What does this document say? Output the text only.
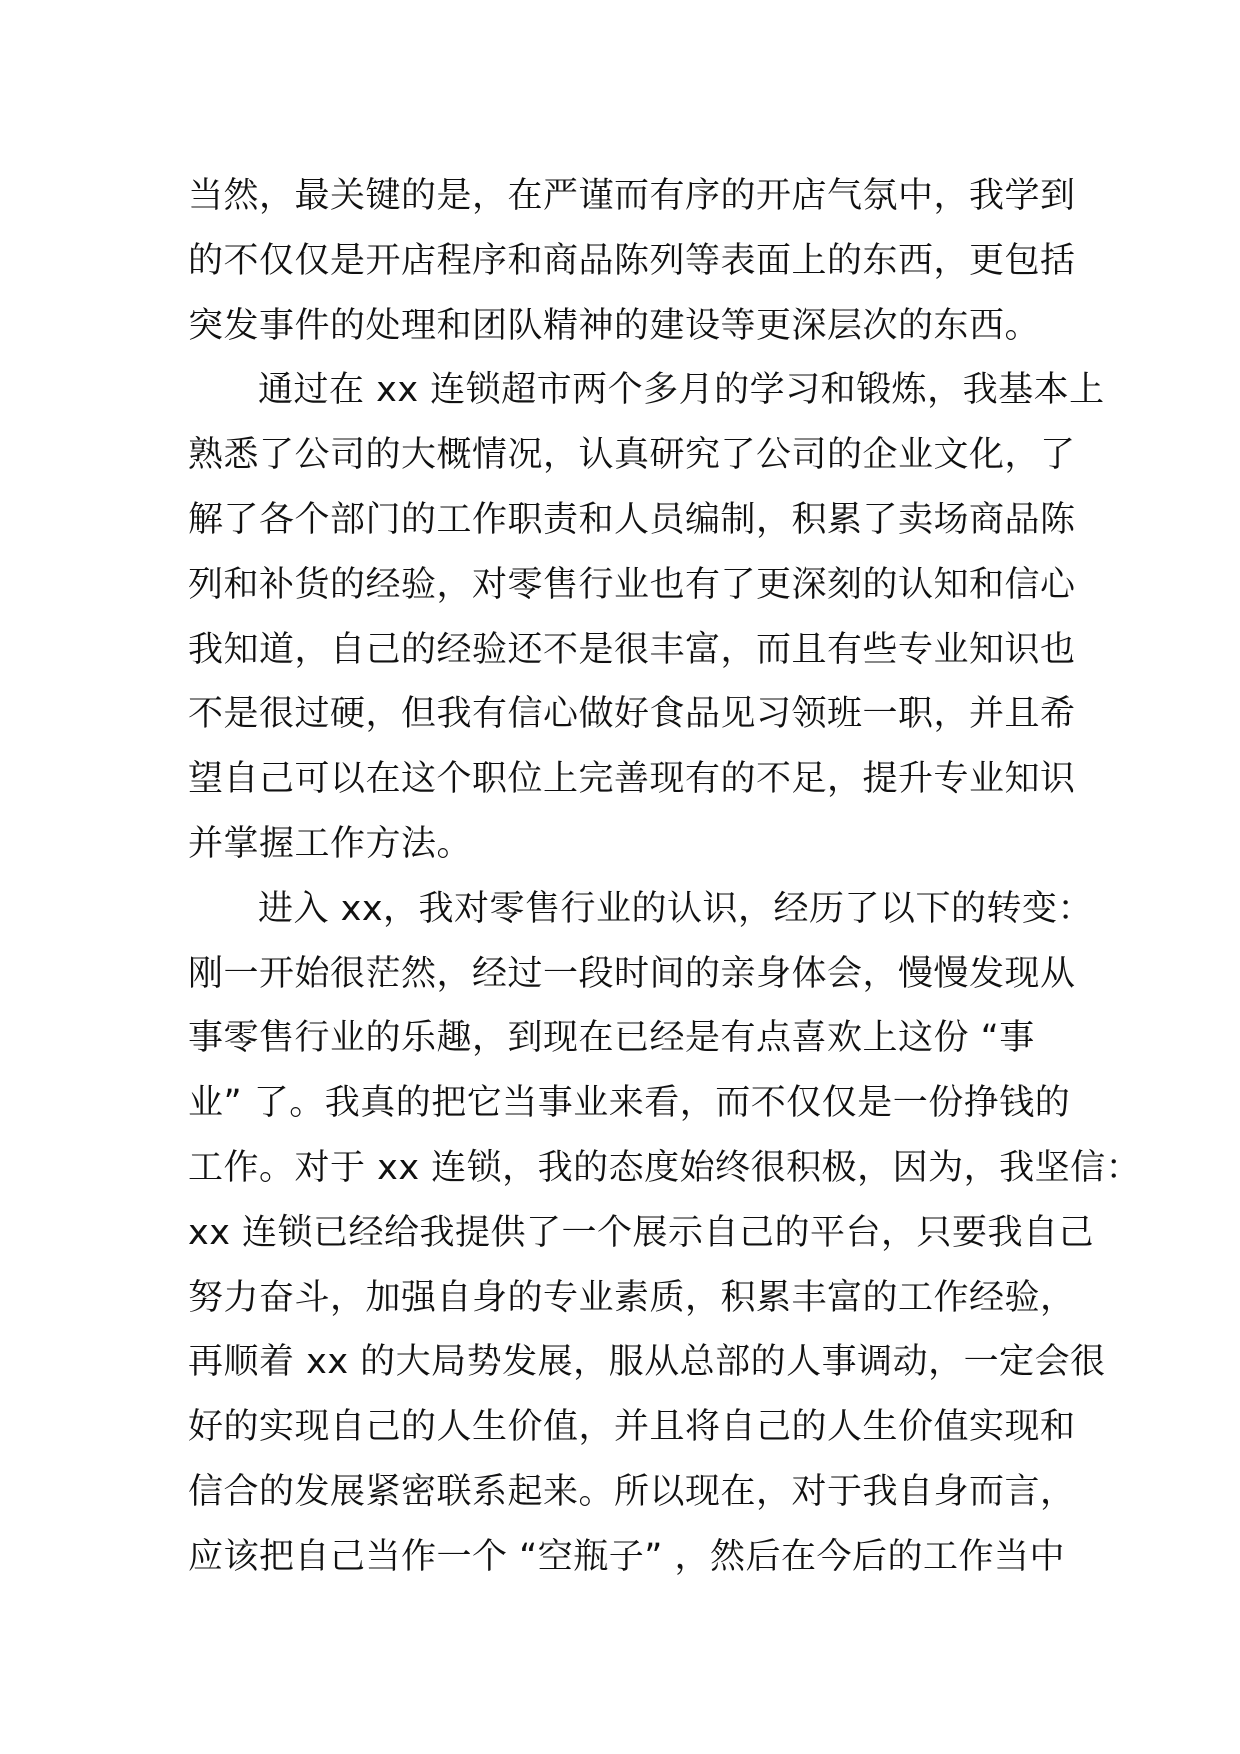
当然，最关键的是，在严谨而有序的开店气氛中，我学到
的不仅仅是开店程序和商品陈列等表面上的东西，更包括
突发事件的处理和团队精神的建设等更深层次的东西。
通过在 xx 连锁超市两个多月的学习和锻炼，我基本上
熟悉了公司的大概情况，认真研究了公司的企业文化，了
解了各个部门的工作职责和人员编制，积累了卖场商品陈
列和补货的经验，对零售行业也有了更深刻的认知和信心
我知道，自己的经验还不是很丰富，而且有些专业知识也
不是很过硬，但我有信心做好食品见习领班一职，并且希
望自己可以在这个职位上完善现有的不足，提升专业知识
并掌握工作方法。
进入 xx，我对零售行业的认识，经历了以下的转变：
刚一开始很茫然，经过一段时间的亲身体会，慢慢发现从
事零售行业的乐趣，到现在已经是有点喜欢上这份 “事
业” 了。我真的把它当事业来看，而不仅仅是一份挣钱的
工作。对于 xx 连锁，我的态度始终很积极，因为，我坚信：
xx 连锁已经给我提供了一个展示自己的平台，只要我自己
努力奋斗，加强自身的专业素质，积累丰富的工作经验，
再顺着 xx 的大局势发展，服从总部的人事调动，一定会很
好的实现自己的人生价值，并且将自己的人生价值实现和
信合的发展紧密联系起来。所以现在，对于我自身而言，
应该把自己当作一个 “空瓶子” ，然后在今后的工作当中
